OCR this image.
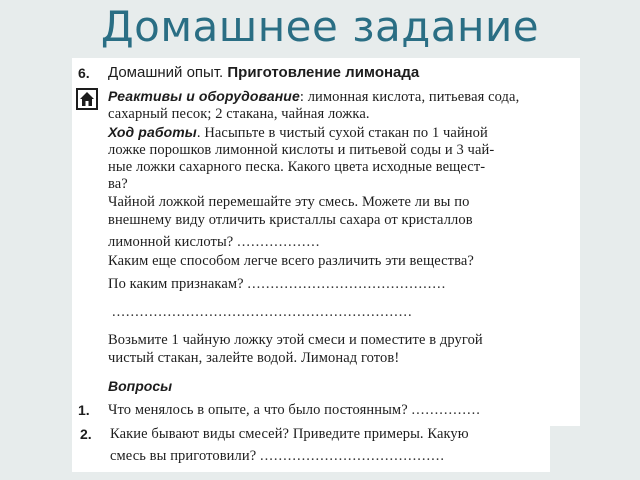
Домашнее задание
6. Домашний опыт. Приготовление лимонада
Реактивы и оборудование: лимонная кислота, питьевая сода,
сахарный песок; 2 стакана, чайная ложка.
Ход работы. Насыпьте в чистый сухой стакан по 1 чайной
ложке порошков лимонной кислоты и питьевой соды и 3 чай-
ные ложки сахарного песка. Какого цвета исходные вещест-
ва?
Чайной ложкой перемешайте эту смесь. Можете ли вы по
внешнему виду отличить кристаллы сахара от кристаллов
лимонной кислоты? ..................
Каким еще способом легче всего различить эти вещества?
По каким признакам? ...........................................
.................................................................
Возьмите 1 чайную ложку этой смеси и поместите в другой
чистый стакан, залейте водой. Лимонад готов!
Вопросы
1. Что менялось в опыте, а что было постоянным? ...............
2. Какие бывают виды смесей? Приведите примеры. Какую
смесь вы приготовили? ........................................
